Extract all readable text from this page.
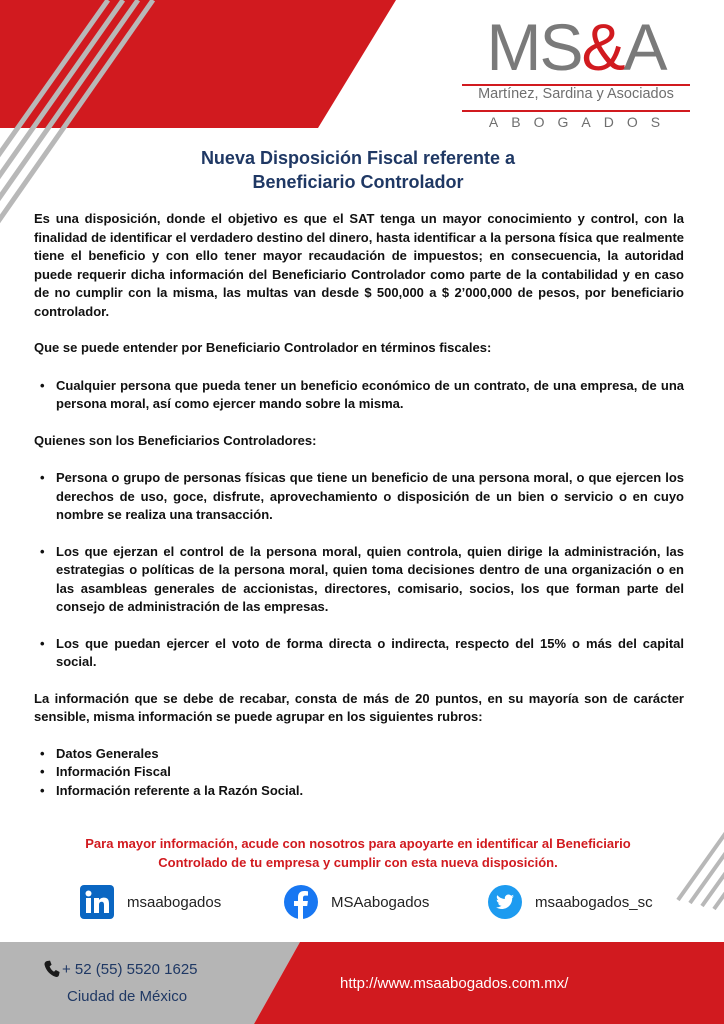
MS&A
Martínez, Sardina y Asociados
ABOGADOS
Nueva Disposición Fiscal referente a
Beneficiario Controlador

Es una disposición, donde el objetivo es que el SAT tenga un mayor conocimiento y control, con la finalidad de identificar el verdadero destino del dinero, hasta identificar a la persona física que realmente tiene el beneficio y con ello tener mayor recaudación de impuestos; en consecuencia, la autoridad puede requerir dicha información del Beneficiario Controlador como parte de la contabilidad y en caso de no cumplir con la misma, las multas van desde $ 500,000 a $ 2’000,000 de pesos, por beneficiario controlador.

Que se puede entender por Beneficiario Controlador en términos fiscales:

• Cualquier persona que pueda tener un beneficio económico de un contrato, de una empresa, de una persona moral, así como ejercer mando sobre la misma.

Quienes son los Beneficiarios Controladores:

• Persona o grupo de personas físicas que tiene un beneficio de una persona moral, o que ejercen los derechos de uso, goce, disfrute, aprovechamiento o disposición de un bien o servicio o en cuyo nombre se realiza una transacción.
• Los que ejerzan el control de la persona moral, quien controla, quien dirige la administración, las estrategias o políticas de la persona moral, quien toma decisiones dentro de una organización o en las asambleas generales de accionistas, directores, comisario, socios, los que forman parte del consejo de administración de las empresas.
• Los que puedan ejercer el voto de forma directa o indirecta, respecto del 15% o más del capital social.

La información que se debe de recabar, consta de más de 20 puntos, en su mayoría son de carácter sensible, misma información se puede agrupar en los siguientes rubros:

• Datos Generales
• Información Fiscal
• Información referente a la Razón Social.
Para mayor información, acude con nosotros para apoyarte en identificar al Beneficiario
Controlado de tu empresa y cumplir con esta nueva disposición.
msaabogados	MSAabogados	msaabogados_sc
+ 52 (55) 5520 1625
Ciudad de México
http://www.msaabogados.com.mx/
